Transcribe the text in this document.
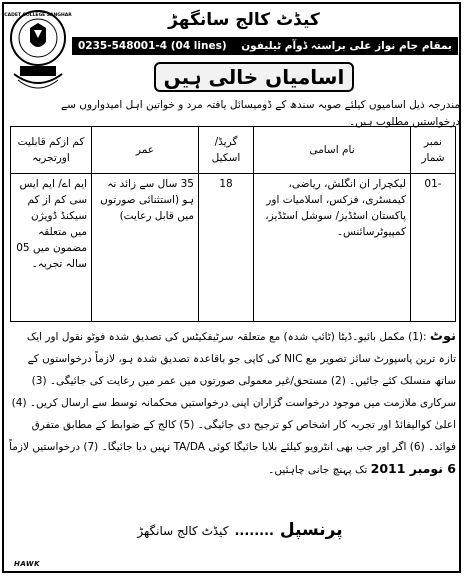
CADET COLLEGE SANGHAR	کیڈٹ کالج سانگھڑ
بمقام جام نواز علی براستہ ڈوآم ٹیلیفون
0235-548001-4 (04 lines)
اسامیاں خالی ہیں
مندرجہ ذیل اسامیوں کیلئے صوبہ سندھ کے ڈومیسائل یافتہ مرد و خواتین اہل امیدواروں سے درخواستیں مطلوب ہیں۔
نمبر شمار	نام اسامی	گریڈ/ اسکیل	عمر	کم ازکم قابلیت اورتجربہ
-01	لیکچرار ان انگلش، ریاضی، کیمسٹری، فزکس، اسلامیات اور پاکستان اسٹڈیز/ سوشل اسٹڈیز، کمپیوٹرسائنس۔	18	35 سال سے زائد نہ ہو (استثنائی صورتوں میں قابل رعایت)	ایم اے/ ایم ایس سی کم از کم سیکنڈ ڈویژن میں متعلقہ مضمون میں 05 سالہ تجربہ۔
نوٹ :(1) مکمل بائیو۔ڈیٹا (ٹائپ شدہ) مع متعلقہ سرٹیفکیٹس کی تصدیق شدہ فوٹو نقول اور ایک تازہ ترین پاسپورٹ سائز تصویر مع NIC کی کاپی جو باقاعدہ تصدیق شدہ ہو، لازماً درخواستوں کے ساتھ منسلک کئے جائیں۔ (2) مستحق/غیر معمولی صورتوں میں عمر میں رعایت کی جائیگی۔ (3) سرکاری ملازمت میں موجود درخواست گزاران اپنی درخواستیں محکمانہ توسط سے ارسال کریں۔ (4) اعلیٰ کوالیفائڈ اور تجربہ کار اشخاص کو ترجیح دی جائیگی۔ (5) کالج کے ضوابط کے مطابق متفرق فوائد۔ (6) اگر اور جب بھی انٹرویو کیلئے بلایا جائیگا کوئی TA/DA نہیں دیا جائیگا۔ (7) درخواستیں لازماً 6 نومبر 2011 تک پہنچ جانی چاہئیں۔
پرنسپل ........ کیڈٹ کالج سانگھڑ
HAWK
